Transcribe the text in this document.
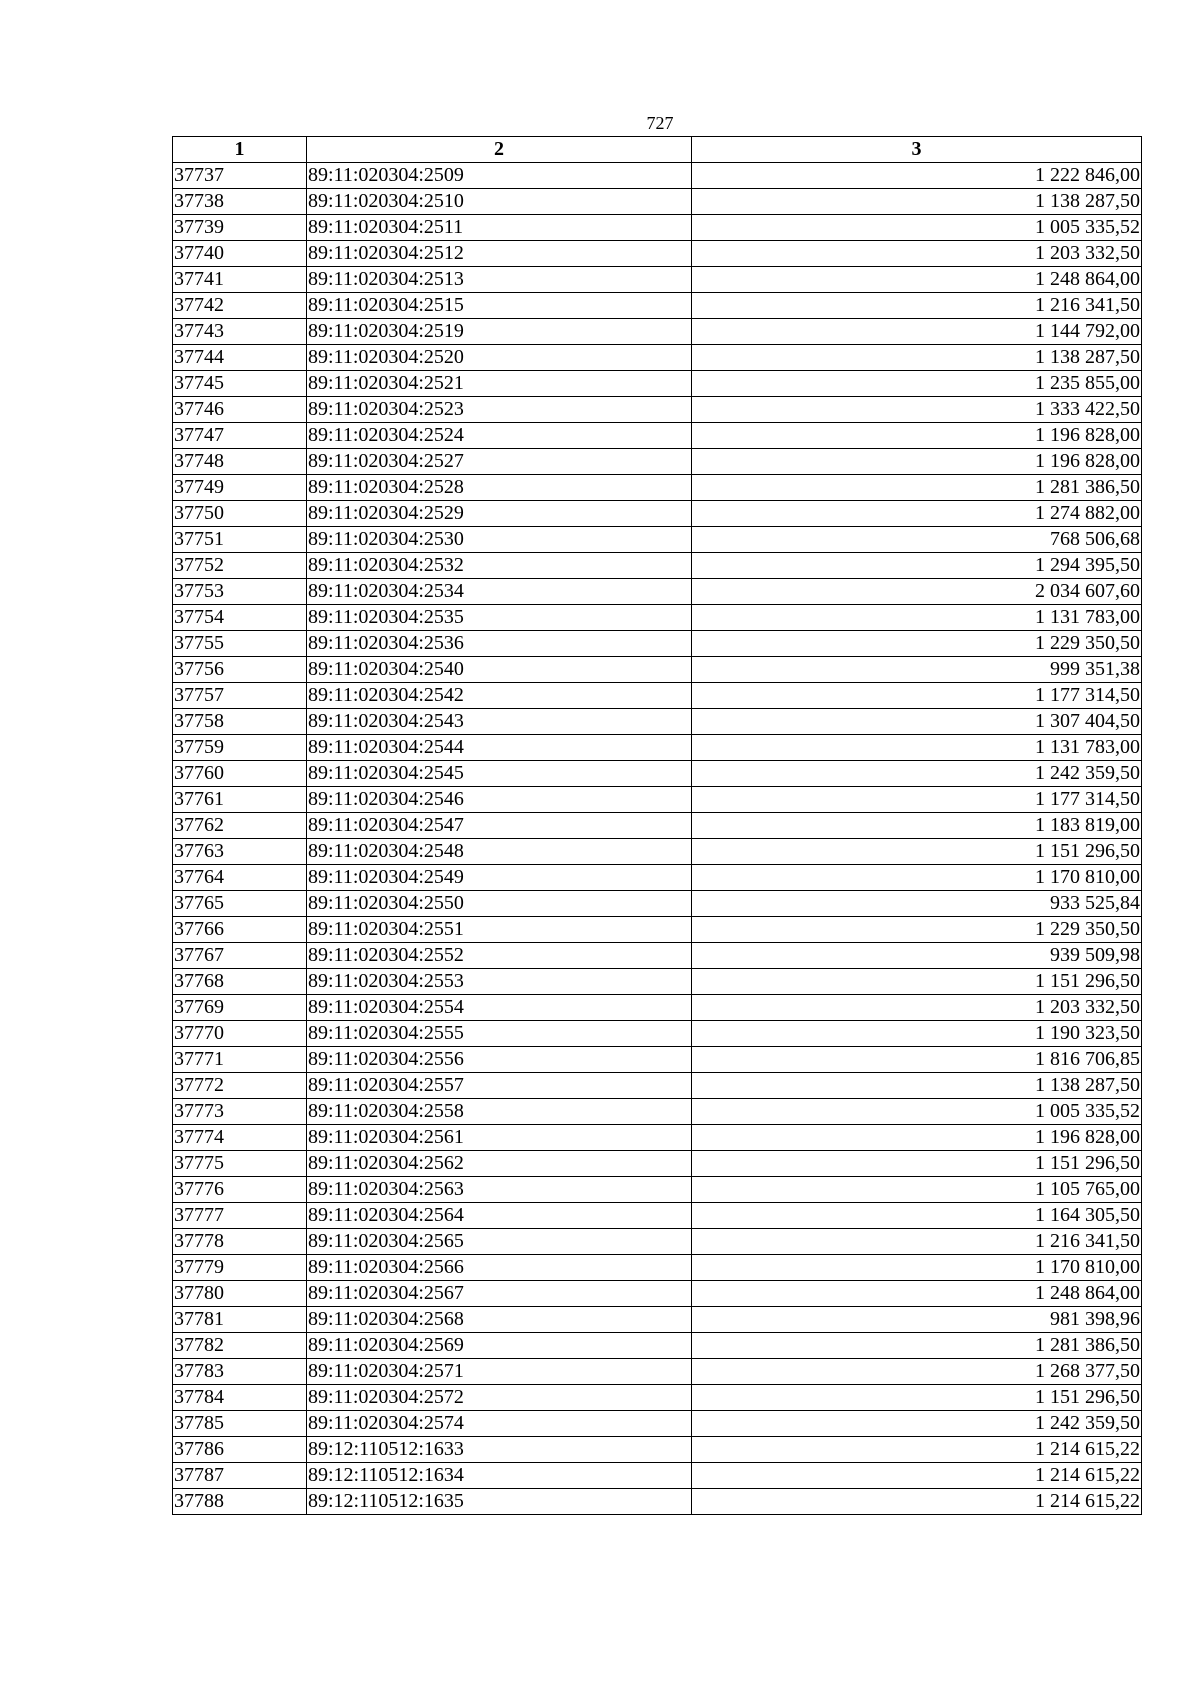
727
1	2	3
37737	89:11:020304:2509	1 222 846,00
37738	89:11:020304:2510	1 138 287,50
37739	89:11:020304:2511	1 005 335,52
37740	89:11:020304:2512	1 203 332,50
37741	89:11:020304:2513	1 248 864,00
37742	89:11:020304:2515	1 216 341,50
37743	89:11:020304:2519	1 144 792,00
37744	89:11:020304:2520	1 138 287,50
37745	89:11:020304:2521	1 235 855,00
37746	89:11:020304:2523	1 333 422,50
37747	89:11:020304:2524	1 196 828,00
37748	89:11:020304:2527	1 196 828,00
37749	89:11:020304:2528	1 281 386,50
37750	89:11:020304:2529	1 274 882,00
37751	89:11:020304:2530	768 506,68
37752	89:11:020304:2532	1 294 395,50
37753	89:11:020304:2534	2 034 607,60
37754	89:11:020304:2535	1 131 783,00
37755	89:11:020304:2536	1 229 350,50
37756	89:11:020304:2540	999 351,38
37757	89:11:020304:2542	1 177 314,50
37758	89:11:020304:2543	1 307 404,50
37759	89:11:020304:2544	1 131 783,00
37760	89:11:020304:2545	1 242 359,50
37761	89:11:020304:2546	1 177 314,50
37762	89:11:020304:2547	1 183 819,00
37763	89:11:020304:2548	1 151 296,50
37764	89:11:020304:2549	1 170 810,00
37765	89:11:020304:2550	933 525,84
37766	89:11:020304:2551	1 229 350,50
37767	89:11:020304:2552	939 509,98
37768	89:11:020304:2553	1 151 296,50
37769	89:11:020304:2554	1 203 332,50
37770	89:11:020304:2555	1 190 323,50
37771	89:11:020304:2556	1 816 706,85
37772	89:11:020304:2557	1 138 287,50
37773	89:11:020304:2558	1 005 335,52
37774	89:11:020304:2561	1 196 828,00
37775	89:11:020304:2562	1 151 296,50
37776	89:11:020304:2563	1 105 765,00
37777	89:11:020304:2564	1 164 305,50
37778	89:11:020304:2565	1 216 341,50
37779	89:11:020304:2566	1 170 810,00
37780	89:11:020304:2567	1 248 864,00
37781	89:11:020304:2568	981 398,96
37782	89:11:020304:2569	1 281 386,50
37783	89:11:020304:2571	1 268 377,50
37784	89:11:020304:2572	1 151 296,50
37785	89:11:020304:2574	1 242 359,50
37786	89:12:110512:1633	1 214 615,22
37787	89:12:110512:1634	1 214 615,22
37788	89:12:110512:1635	1 214 615,22
